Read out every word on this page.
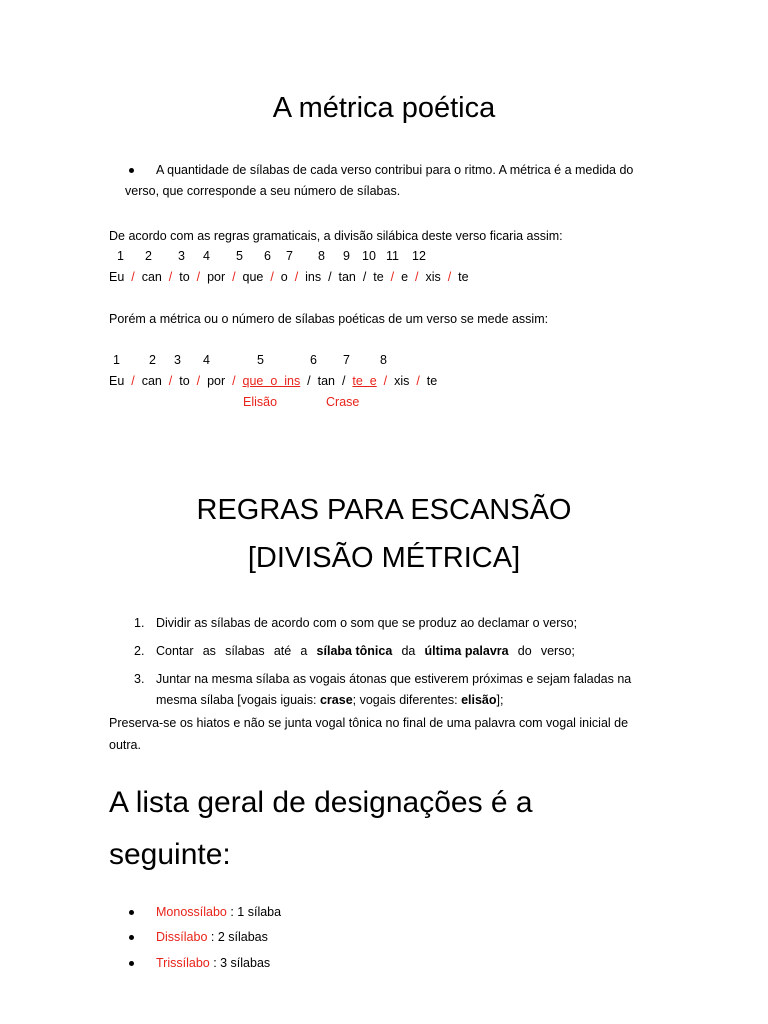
A métrica poética
A quantidade de sílabas de cada verso contribui para o ritmo. A métrica é a medida do
verso, que corresponde a seu número de sílabas.
De acordo com as regras gramaticais, a divisão silábica deste verso ficaria assim:
1 2 3 4 5 6 7 8 9 10 11 12
Eu  /  can  /  to  /  por  /  que  /  o  /  ins  /  tan  /  te  /  e  /  xis  /  te
Porém a métrica ou o número de sílabas poéticas de um verso se mede assim:
1 2 3 4	5	6 7 8
Eu  /  can  /  to  /  por  /  que  o  ins  /  tan  /  te  e  /  xis  /  te
Elisão	Crase
REGRAS PARA ESCANSÃO
[DIVISÃO MÉTRICA]
1. Dividir as sílabas de acordo com o som que se produz ao declamar o verso;
2. Contar as sílabas até a sílaba tônica da última palavra do verso;
3. Juntar na mesma sílaba as vogais átonas que estiverem próximas e sejam faladas na
mesma sílaba [vogais iguais: crase; vogais diferentes: elisão];
Preserva-se os hiatos e não se junta vogal tônica no final de uma palavra com vogal inicial de
outra.
A lista geral de designações é a
seguinte:
Monossílabo : 1 sílaba
Dissílabo : 2 sílabas
Trissílabo : 3 sílabas
